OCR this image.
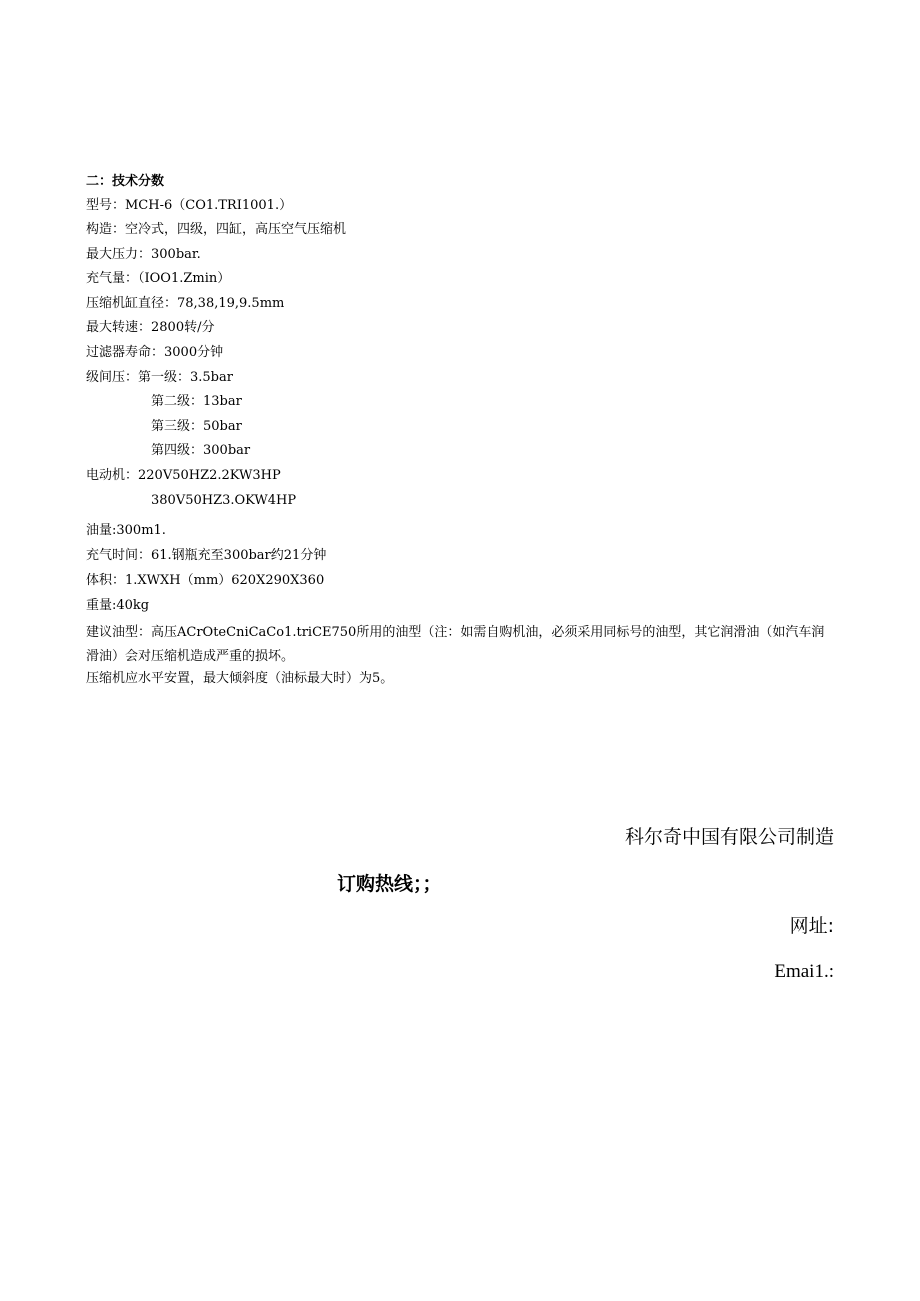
二：技术分数
型号：MCH-6（CO1.TRI1001.）
构造：空冷式，四级，四缸，高压空气压缩机
最大压力：300bar.
充气量：（IOO1.Zmin）
压缩机缸直径：78,38,19,9.5mm
最大转速：2800转/分
过滤器寿命：3000分钟
级间压：第一级：3.5bar
第二级：13bar
第三级：50bar
第四级：300bar
电动机：220V50HZ2.2KW3HP
380V50HZ3.OKW4HP
油量:300m1.
充气时间：61.钢瓶充至300bar约21分钟
体积：1.XWXH（mm）620X290X360
重量:40kg
建议油型：高压ACrOteCniCaCo1.triCE750所用的油型（注：如需自购机油，必须采用同标号的油型，其它润滑油（如汽车润滑油）会对压缩机造成严重的损坏。
压缩机应水平安置，最大倾斜度（油标最大时）为5。
科尔奇中国有限公司制造
订购热线；；
网址:
Emai1.:
